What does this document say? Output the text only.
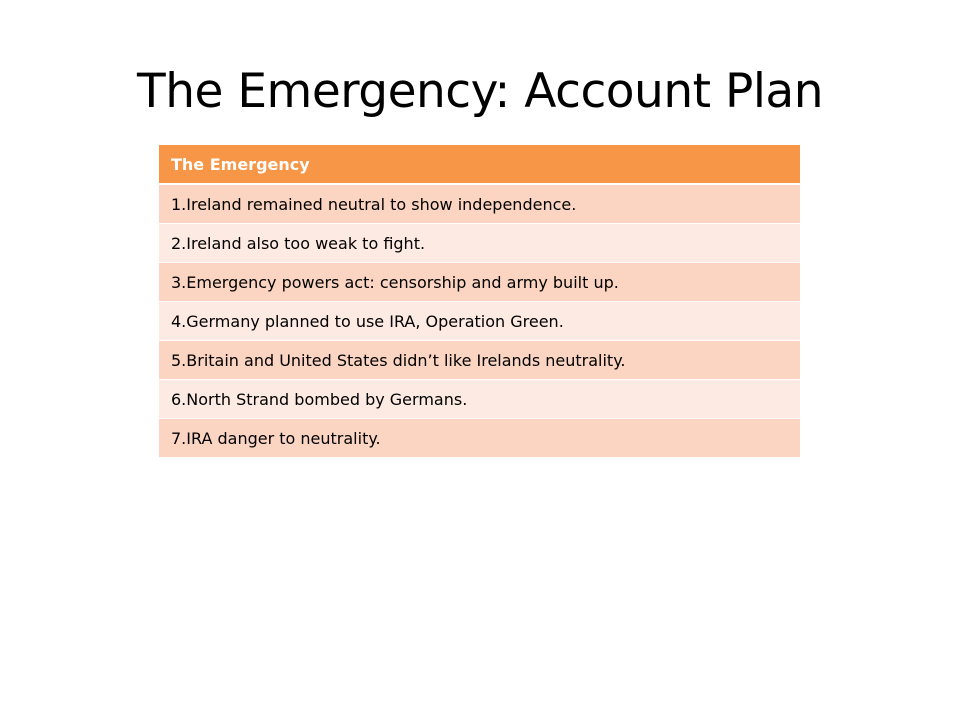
The Emergency: Account Plan
The Emergency
1.Ireland remained neutral to show independence.
2.Ireland also too weak to fight.
3.Emergency powers act: censorship and army built up.
4.Germany planned to use IRA, Operation Green.
5.Britain and United States didn’t like Irelands neutrality.
6.North Strand bombed by Germans.
7.IRA danger to neutrality.
